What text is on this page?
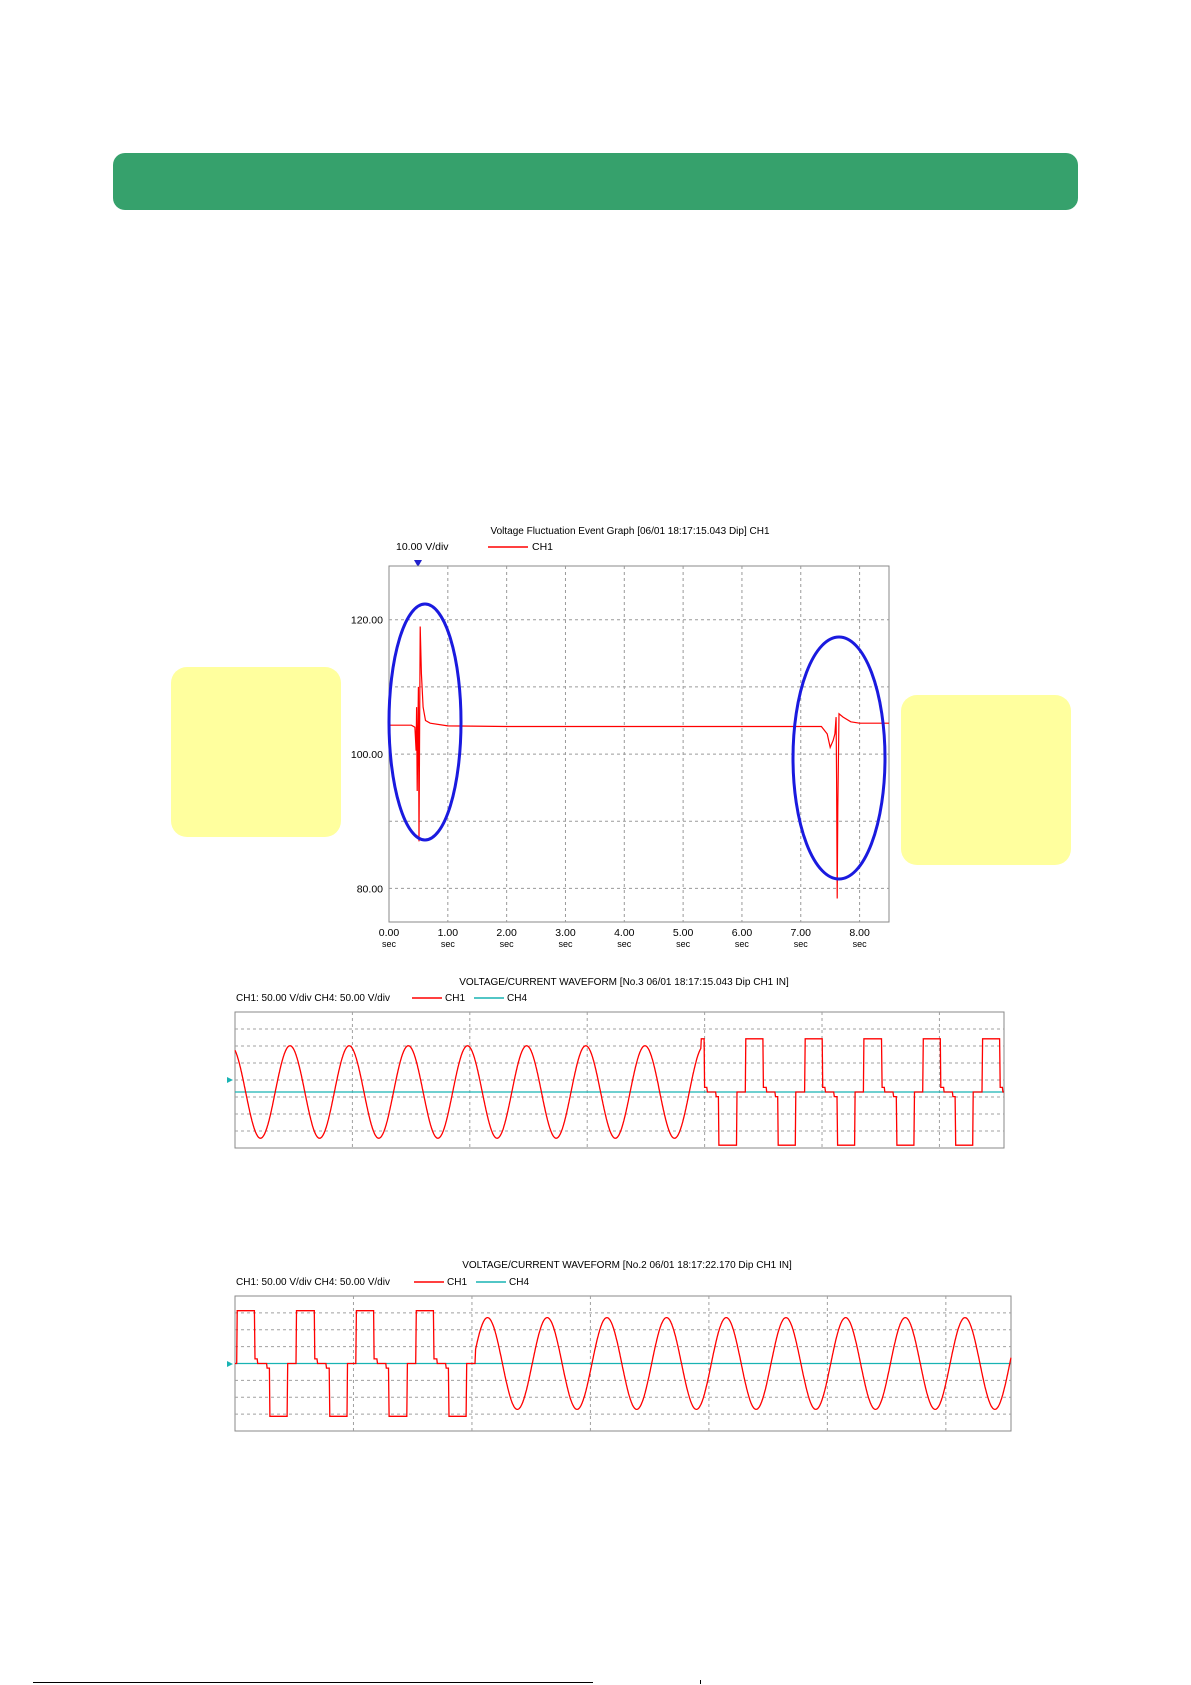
Voltage Fluctuation Event Graph [06/01 18:17:15.043 Dip] CH1
10.00 V/div	CH1
120.00
100.00
80.00
0.00
sec
1.00
sec
2.00
sec
3.00
sec
4.00
sec
5.00
sec
6.00
sec
7.00
sec
8.00
sec
VOLTAGE/CURRENT WAVEFORM [No.3 06/01 18:17:15.043 Dip CH1 IN]
CH1: 50.00 V/div CH4: 50.00 V/div	CH1	CH4
VOLTAGE/CURRENT WAVEFORM [No.2 06/01 18:17:22.170 Dip CH1 IN]
CH1: 50.00 V/div CH4: 50.00 V/div	CH1	CH4
